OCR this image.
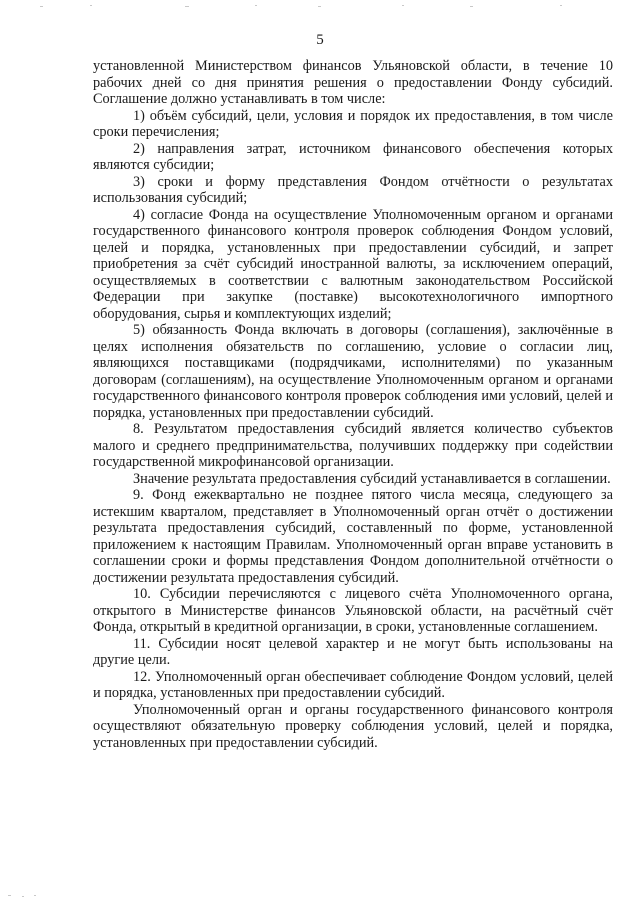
5

установленной Министерством финансов Ульяновской области, в течение 10 рабочих дней со дня принятия решения о предоставлении Фонду субсидий. Соглашение должно устанавливать в том числе:

1) объём субсидий, цели, условия и порядок их предоставления, в том числе сроки перечисления;

2) направления затрат, источником финансового обеспечения которых являются субсидии;

3) сроки и форму представления Фондом отчётности о результатах использования субсидий;

4) согласие Фонда на осуществление Уполномоченным органом и органами государственного финансового контроля проверок соблюдения Фондом условий, целей и порядка, установленных при предоставлении субсидий, и запрет приобретения за счёт субсидий иностранной валюты, за исключением операций, осуществляемых в соответствии с валютным законодательством Российской Федерации при закупке (поставке) высокотехнологичного импортного оборудования, сырья и комплектующих изделий;

5) обязанность Фонда включать в договоры (соглашения), заключённые в целях исполнения обязательств по соглашению, условие о согласии лиц, являющихся поставщиками (подрядчиками, исполнителями) по указанным договорам (соглашениям), на осуществление Уполномоченным органом и органами государственного финансового контроля проверок соблюдения ими условий, целей и порядка, установленных при предоставлении субсидий.

8. Результатом предоставления субсидий является количество субъектов малого и среднего предпринимательства, получивших поддержку при содействии государственной микрофинансовой организации.

Значение результата предоставления субсидий устанавливается в соглашении.

9. Фонд ежеквартально не позднее пятого числа месяца, следующего за истекшим кварталом, представляет в Уполномоченный орган отчёт о достижении результата предоставления субсидий, составленный по форме, установленной приложением к настоящим Правилам. Уполномоченный орган вправе установить в соглашении сроки и формы представления Фондом дополнительной отчётности о достижении результата предоставления субсидий.

10. Субсидии перечисляются с лицевого счёта Уполномоченного органа, открытого в Министерстве финансов Ульяновской области, на расчётный счёт Фонда, открытый в кредитной организации, в сроки, установленные соглашением.

11. Субсидии носят целевой характер и не могут быть использованы на другие цели.

12. Уполномоченный орган обеспечивает соблюдение Фондом условий, целей и порядка, установленных при предоставлении субсидий.

Уполномоченный орган и органы государственного финансового контроля осуществляют обязательную проверку соблюдения условий, целей и порядка, установленных при предоставлении субсидий.
